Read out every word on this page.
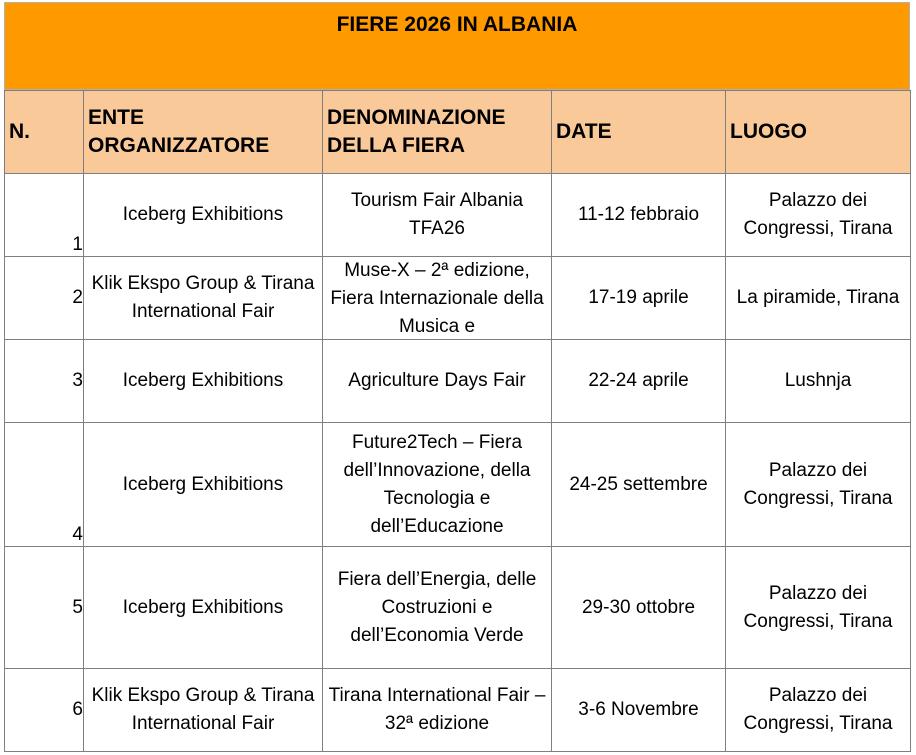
FIERE 2026 IN ALBANIA
N.	ENTE ORGANIZZATORE	DENOMINAZIONE DELLA FIERA	DATE	LUOGO
1	Iceberg Exhibitions	Tourism Fair Albania TFA26	11-12 febbraio	Palazzo dei Congressi, Tirana
2	Klik Ekspo Group & Tirana International Fair	Muse-X – 2ª edizione, Fiera Internazionale della Musica e	17-19 aprile	La piramide, Tirana
3	Iceberg Exhibitions	Agriculture Days Fair	22-24 aprile	Lushnja
4	Iceberg Exhibitions	Future2Tech – Fiera dell’Innovazione, della Tecnologia e dell’Educazione	24-25 settembre	Palazzo dei Congressi, Tirana
5	Iceberg Exhibitions	Fiera dell’Energia, delle Costruzioni e dell’Economia Verde	29-30 ottobre	Palazzo dei Congressi, Tirana
6	Klik Ekspo Group & Tirana International Fair	Tirana International Fair – 32ª edizione	3-6 Novembre	Palazzo dei Congressi, Tirana
